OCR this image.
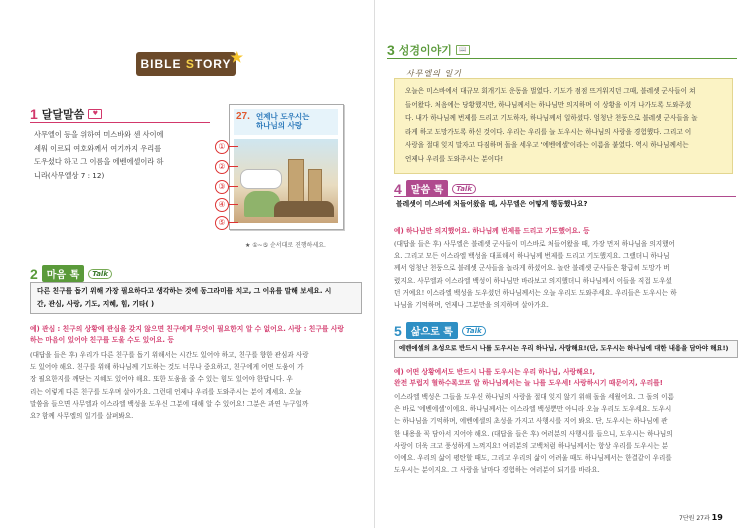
BIBLE STORY
★
1 달달말씀	♥
사무엘이 등을 위하여 미스바와 센 사이에
세워 이르되 여호와께서 여기까지 우리를
도우셨다 하고 그 이름을 에벤에셀이라 하
니라(사무엘상 7 : 12)
27. 언제나 도우시는
하나님의 사랑
①
②
③
④
⑤
★ ①~⑤ 순서대로 진행하세요.
2 마음 톡	Talk
다른 친구를 돕기 위해 가장 필요하다고 생각하는 것에 동그라미를 치고, 그 이유를 말해 보세요. 시
간, 관심, 사랑, 기도, 지혜, 힘, 기타( )
예) 관심 : 친구의 상황에 관심을 갖지 않으면 친구에게 무엇이 필요한지 알 수 없어요. 사랑 : 친구를 사랑
하는 마음이 있어야 친구를 도울 수도 있어요. 등
(대답을 들은 후) 우리가 다른 친구를 돕기 위해서는 시간도 있어야 하고, 친구를 향한 관심과 사랑
도 있어야 해요. 친구를 위해 하나님께 기도하는 것도 너무나 중요하고, 친구에게 어떤 도움이 가
장 필요한지를 깨닫는 지혜도 있어야 해요. 또한 도움을 줄 수 있는 힘도 있어야 한답니다. 우
리는 이렇게 다른 친구를 도우며 살아가요. 그런데 언제나 우리를 도와주시는 분이 계세요. 오늘
말씀을 들으면 사무엘과 이스라엘 백성을 도우신 그분에 대해 알 수 있어요! 그분은 과연 누구일까
요? 함께 사무엘의 일기를 살펴봐요.
3 성경이야기	📖
사무엘의 일기
오늘은 미스바에서 대규모 회개기도 운동을 벌였다. 기도가 점점 뜨거워지던 그때, 블레셋 군사들이 쳐
들어왔다. 처음에는 당황했지만, 하나님께서는 하나님만 의지하며 이 상황을 이겨 나가도록 도와주셨
다. 내가 하나님께 번제를 드리고 기도하자, 하나님께서 일하셨다. 엄청난 천둥으로 블레셋 군사들을 놀
라게 하고 도망가도록 하신 것이다. 우리는 우리를 늘 도우시는 하나님의 사랑을 경험했다. 그리고 이
사랑을 절대 잊지 말자고 다짐하며 돌을 세우고 '에벤에셀'이라는 이름을 붙였다. 역시 하나님께서는
언제나 우리를 도와주시는 분이다!
4 말씀 톡	Talk
블레셋이 미스바에 처들어왔을 때, 사무엘은 어떻게 행동했나요?
예) 하나님만 의지했어요. 하나님께 번제를 드리고 기도했어요. 등
(대답을 들은 후) 사무엘은 블레셋 군사들이 미스바로 처들어왔을 때, 가장 먼저 하나님을 의지했어
요. 그리고 모든 이스라엘 백성을 대표해서 하나님께 번제를 드리고 기도했지요. 그랬더니 하나님
께서 엄청난 천둥으로 블레셋 군사들을 놀라게 하셨어요. 놀란 블레셋 군사들은 황급히 도망가 버
렸지요. 사무엘과 이스라엘 백성이 하나님만 바라보고 의지했더니 하나님께서 이들을 직접 도우셨
던 거예요! 이스라엘 백성을 도우셨던 하나님께서는 오늘 우리도 도와주세요. 우리들은 도우시는 하
나님을 기억하며, 언제나 그분만을 의지하며 살아가요.
5 삶으로 톡	Talk
에벤에셀의 초성으로 반드시 나를 도우시는 우리 하나님, 사랑해요!(단, 도우시는 하나님에 대한 내용을 담아야 해요!)
예) 어떤 상황에서도 반드시 나를 도우시는 우리 하나님, 사랑해요!,
완전 부럽지 혈하수록코프 알 하나님께서는 늘 나를 도우세! 사랑하시기 때문이지, 우리를!
이스라엘 백성은 그들을 도우신 하나님의 사랑을 절대 잊지 않기 위해 돌을 세웠어요. 그 돌의 이름
은 바로 '에벤에셀'이에요. 하나님께서는 이스라엘 백성뿐만 아니라 오늘 우리도 도우세요. 도우시
는 하나님을 기억하며, 에벤에셀의 초성을 가지고 사행시를 지어 봐요. 단, 도우시는 하나님에 관
한 내용을 꼭 담아서 지어야 해요. (대답을 들은 후) 여러분의 사행시를 들으니, 도우시는 하나님의
사랑이 더욱 크고 풍성하게 느껴지요! 여러분의 고백처럼 하나님께서는 항상 우리를 도우시는 분
이에요. 우리의 삶이 평탄할 때도, 그리고 우리의 삶이 어려울 때도 하나님께서는 한결같이 우리를
도우시는 분이지요. 그 사랑을 날마다 경험하는 여러분이 되기를 바라요.
7단원 27과 19
